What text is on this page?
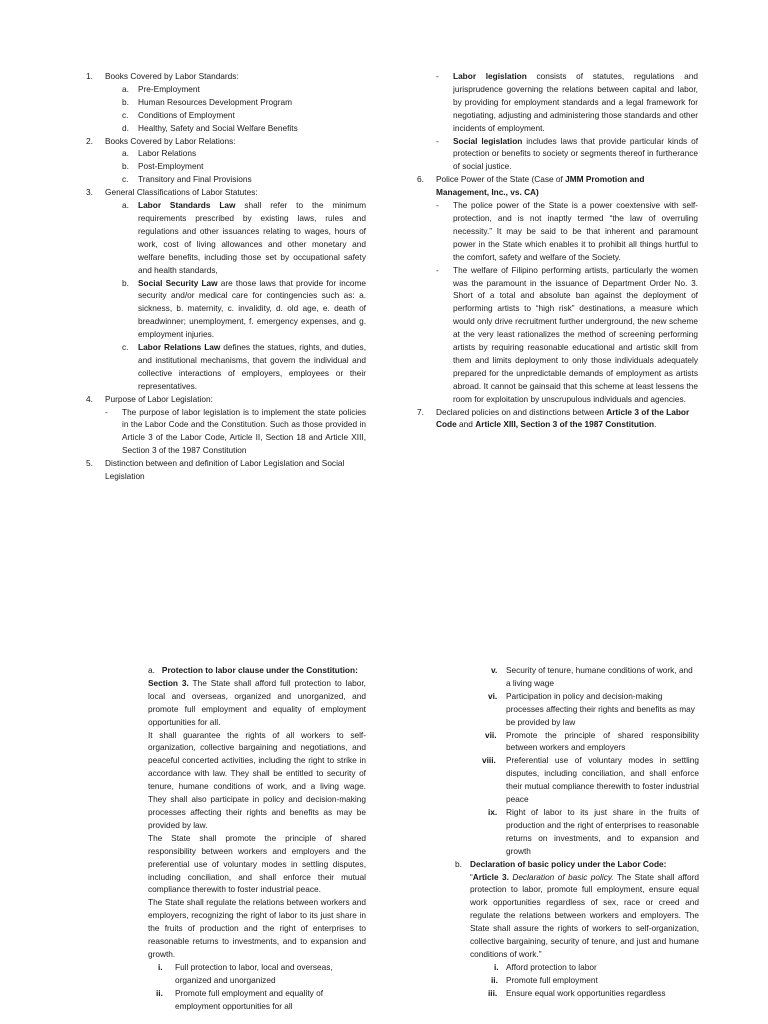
1. Books Covered by Labor Standards:
a. Pre-Employment
b. Human Resources Development Program
c. Conditions of Employment
d. Healthy, Safety and Social Welfare Benefits
2. Books Covered by Labor Relations:
a. Labor Relations
b. Post-Employment
c. Transitory and Final Provisions
3. General Classifications of Labor Statutes:
a. Labor Standards Law shall refer to the minimum requirements prescribed by existing laws, rules and regulations and other issuances relating to wages, hours of work, cost of living allowances and other monetary and welfare benefits, including those set by occupational safety and health standards,
b. Social Security Law are those laws that provide for income security and/or medical care for contingencies such as: a. sickness, b. maternity, c. invalidity, d. old age, e. death of breadwinner; unemployment, f. emergency expenses, and g. employment injuries.
c. Labor Relations Law defines the statues, rights, and duties, and institutional mechanisms, that govern the individual and collective interactions of employers, employees or their representatives.
4. Purpose of Labor Legislation:
- The purpose of labor legislation is to implement the state policies in the Labor Code and the Constitution. Such as those provided in Article 3 of the Labor Code, Article II, Section 18 and Article XIII, Section 3 of the 1987 Constitution
5. Distinction between and definition of Labor Legislation and Social Legislation
- Labor legislation consists of statutes, regulations and jurisprudence governing the relations between capital and labor, by providing for employment standards and a legal framework for negotiating, adjusting and administering those standards and other incidents of employment.
- Social legislation includes laws that provide particular kinds of protection or benefits to society or segments thereof in furtherance of social justice.
6. Police Power of the State (Case of JMM Promotion and Management, Inc., vs. CA)
- The police power of the State is a power coextensive with self-protection, and is not inaptly termed “the law of overruling necessity.” It may be said to be that inherent and paramount power in the State which enables it to prohibit all things hurtful to the comfort, safety and welfare of the Society.
- The welfare of Filipino performing artists, particularly the women was the paramount in the issuance of Department Order No. 3. Short of a total and absolute ban against the deployment of performing artists to “high risk” destinations, a measure which would only drive recruitment further underground, the new scheme at the very least rationalizes the method of screening performing artists by requiring reasonable educational and artistic skill from them and limits deployment to only those individuals adequately prepared for the unpredictable demands of employment as artists abroad. It cannot be gainsaid that this scheme at least lessens the room for exploitation by unscrupulous individuals and agencies.
7. Declared policies on and distinctions between Article 3 of the Labor Code and Article XIII, Section 3 of the 1987 Constitution.
a. Protection to labor clause under the Constitution:
Section 3. The State shall afford full protection to labor, local and overseas, organized and unorganized, and promote full employment and equality of employment opportunities for all.
It shall guarantee the rights of all workers to self-organization, collective bargaining and negotiations, and peaceful concerted activities, including the right to strike in accordance with law. They shall be entitled to security of tenure, humane conditions of work, and a living wage. They shall also participate in policy and decision-making processes affecting their rights and benefits as may be provided by law.
The State shall promote the principle of shared responsibility between workers and employers and the preferential use of voluntary modes in settling disputes, including conciliation, and shall enforce their mutual compliance therewith to foster industrial peace.
The State shall regulate the relations between workers and employers, recognizing the right of labor to its just share in the fruits of production and the right of enterprises to reasonable returns to investments, and to expansion and growth.
i. Full protection to labor, local and overseas, organized and unorganized
ii. Promote full employment and equality of employment opportunities for all
v. Security of tenure, humane conditions of work, and a living wage
vi. Participation in policy and decision-making processes affecting their rights and benefits as may be provided by law
vii. Promote the principle of shared responsibility between workers and employers
viii. Preferential use of voluntary modes in settling disputes, including conciliation, and shall enforce their mutual compliance therewith to foster industrial peace
ix. Right of labor to its just share in the fruits of production and the right of enterprises to reasonable returns on investments, and to expansion and growth
b. Declaration of basic policy under the Labor Code:
“Article 3. Declaration of basic policy. The State shall afford protection to labor, promote full employment, ensure equal work opportunities regardless of sex, race or creed and regulate the relations between workers and employers. The State shall assure the rights of workers to self-organization, collective bargaining, security of tenure, and just and humane conditions of work.”
i. Afford protection to labor
ii. Promote full employment
iii. Ensure equal work opportunities regardless
